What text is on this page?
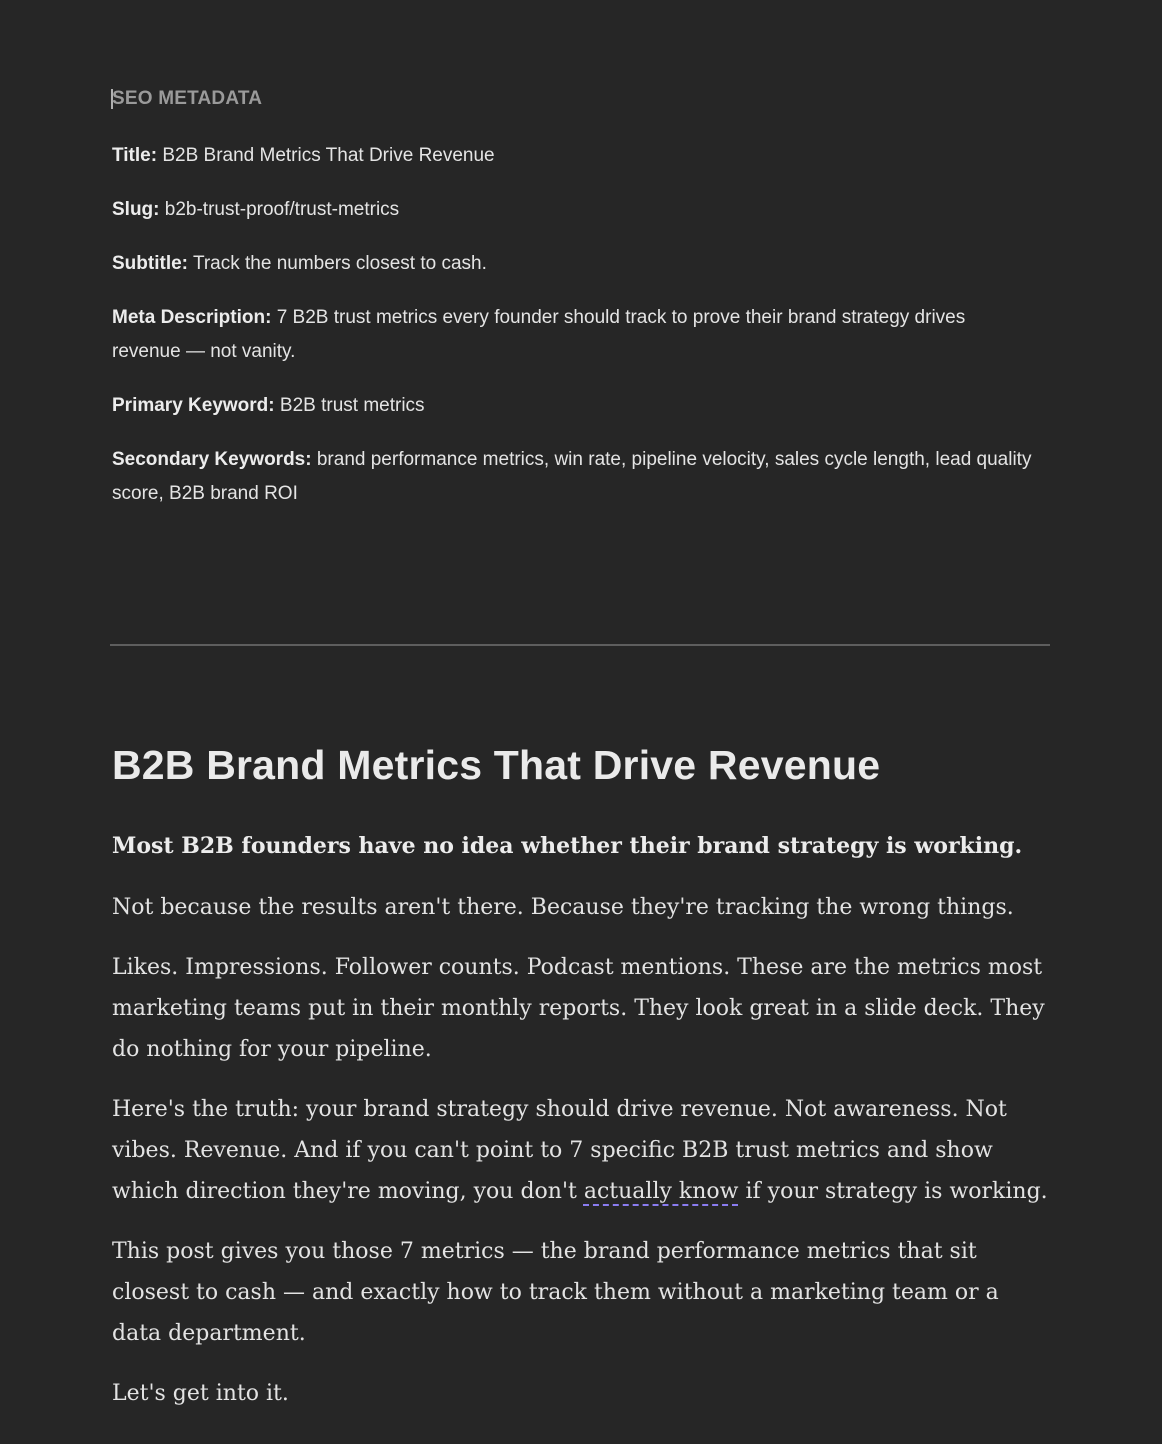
SEO METADATA

Title: B2B Brand Metrics That Drive Revenue

Slug: b2b-trust-proof/trust-metrics

Subtitle: Track the numbers closest to cash.

Meta Description: 7 B2B trust metrics every founder should track to prove their brand strategy drives revenue — not vanity.

Primary Keyword: B2B trust metrics

Secondary Keywords: brand performance metrics, win rate, pipeline velocity, sales cycle length, lead quality score, B2B brand ROI

B2B Brand Metrics That Drive Revenue

Most B2B founders have no idea whether their brand strategy is working.

Not because the results aren't there. Because they're tracking the wrong things.

Likes. Impressions. Follower counts. Podcast mentions. These are the metrics most marketing teams put in their monthly reports. They look great in a slide deck. They do nothing for your pipeline.

Here's the truth: your brand strategy should drive revenue. Not awareness. Not vibes. Revenue. And if you can't point to 7 specific B2B trust metrics and show which direction they're moving, you don't actually know if your strategy is working.

This post gives you those 7 metrics — the brand performance metrics that sit closest to cash — and exactly how to track them without a marketing team or a data department.

Let's get into it.
